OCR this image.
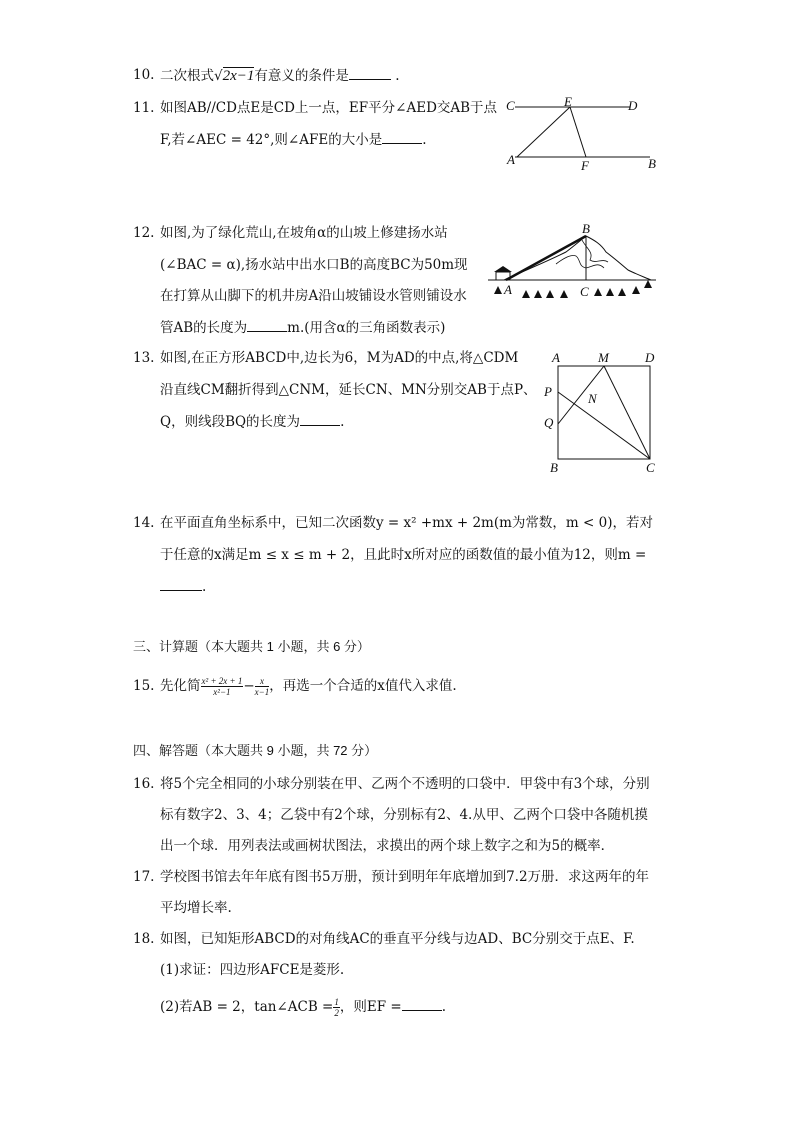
10. 二次根式√2x−1有意义的条件是	.
11. 如图AB//CD点E是CD上一点，EF平分∠AED交AB于点
F,若∠AEC = 42°,则∠AFE的大小是	.
C	E	D
A	F	B
12. 如图,为了绿化荒山,在坡角α的山坡上修建扬水站
(∠BAC = α),扬水站中出水口B的高度BC为50m现
在打算从山脚下的机井房A沿山坡铺设水管则铺设水
管AB的长度为	m.(用含α的三角函数表示)
B
A	C
13. 如图,在正方形ABCD中,边长为6，M为AD的中点,将△CDM
沿直线CM翻折得到△CNM，延长CN、MN分别交AB于点P、
Q，则线段BQ的长度为	.
A	M	D
P	N
Q
B	C
14. 在平面直角坐标系中，已知二次函数y = x² +mx + 2m(m为常数，m < 0)，若对
于任意的x满足m ≤ x ≤ m + 2，且此时x所对应的函数值的最小值为12，则m =
.
三、计算题（本大题共 1 小题，共 6 分）
15. 先化简 $\frac{\text{x² + 2x + 1}}{\text{x²−1}} - \frac{x}{x-1}$ ，再选一个合适的x值代入求值.
四、解答题（本大题共 9 小题，共 72 分）
16. 将5个完全相同的小球分别装在甲、乙两个不透明的口袋中．甲袋中有3个球，分别
标有数字2、3、4；乙袋中有2个球，分别标有2、4.从甲、乙两个口袋中各随机摸
出一个球．用列表法或画树状图法，求摸出的两个球上数字之和为5的概率．
17. 学校图书馆去年年底有图书5万册，预计到明年年底增加到7.2万册．求这两年的年
平均增长率.
18. 如图，已知矩形ABCD的对角线AC的垂直平分线与边AD、BC分别交于点E、F.
(1)求证：四边形AFCE是菱形.
(2)若AB = 2，tan∠ACB = $\frac{1}{2}$ ，则EF =	.
